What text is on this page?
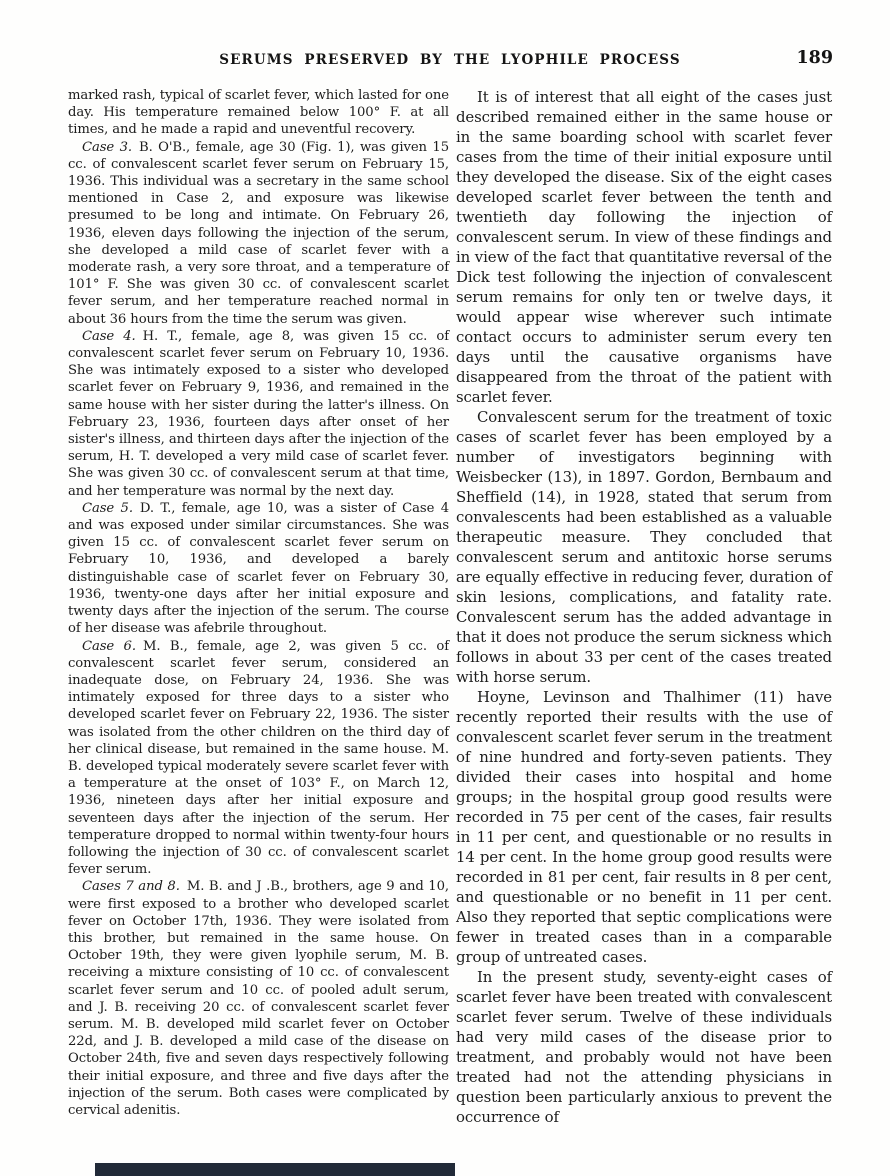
SERUMS PRESERVED BY THE LYOPHILE PROCESS	189

marked rash, typical of scarlet fever, which lasted for one day. His temperature remained below 100° F. at all times, and he made a rapid and uneventful recovery.

Case 3. B. O'B., female, age 30 (Fig. 1), was given 15 cc. of convalescent scarlet fever serum on February 15, 1936. This individual was a secretary in the same school mentioned in Case 2, and exposure was likewise presumed to be long and intimate. On February 26, 1936, eleven days following the injection of the serum, she developed a mild case of scarlet fever with a moderate rash, a very sore throat, and a temperature of 101° F. She was given 30 cc. of convalescent scarlet fever serum, and her temperature reached normal in about 36 hours from the time the serum was given.

Case 4. H. T., female, age 8, was given 15 cc. of convalescent scarlet fever serum on February 10, 1936. She was intimately exposed to a sister who developed scarlet fever on February 9, 1936, and remained in the same house with her sister during the latter's illness. On February 23, 1936, fourteen days after onset of her sister's illness, and thirteen days after the injection of the serum, H. T. developed a very mild case of scarlet fever. She was given 30 cc. of convalescent serum at that time, and her temperature was normal by the next day.

Case 5. D. T., female, age 10, was a sister of Case 4 and was exposed under similar circumstances. She was given 15 cc. of convalescent scarlet fever serum on February 10, 1936, and developed a barely distinguishable case of scarlet fever on February 30, 1936, twenty-one days after her initial exposure and twenty days after the injection of the serum. The course of her disease was afebrile throughout.

Case 6. M. B., female, age 2, was given 5 cc. of convalescent scarlet fever serum, considered an inadequate dose, on February 24, 1936. She was intimately exposed for three days to a sister who developed scarlet fever on February 22, 1936. The sister was isolated from the other children on the third day of her clinical disease, but remained in the same house. M. B. developed typical moderately severe scarlet fever with a temperature at the onset of 103° F., on March 12, 1936, nineteen days after her initial exposure and seventeen days after the injection of the serum. Her temperature dropped to normal within twenty-four hours following the injection of 30 cc. of convalescent scarlet fever serum.

Cases 7 and 8. M. B. and J .B., brothers, age 9 and 10, were first exposed to a brother who developed scarlet fever on October 17th, 1936. They were isolated from this brother, but remained in the same house. On October 19th, they were given lyophile serum, M. B. receiving a mixture consisting of 10 cc. of convalescent scarlet fever serum and 10 cc. of pooled adult serum, and J. B. receiving 20 cc. of convalescent scarlet fever serum. M. B. developed mild scarlet fever on October 22d, and J. B. developed a mild case of the disease on October 24th, five and seven days respectively following their initial exposure, and three and five days after the injection of the serum. Both cases were complicated by cervical adenitis.

It is of interest that all eight of the cases just described remained either in the same house or in the same boarding school with scarlet fever cases from the time of their initial exposure until they developed the disease. Six of the eight cases developed scarlet fever between the tenth and twentieth day following the injection of convalescent serum. In view of these findings and in view of the fact that quantitative reversal of the Dick test following the injection of convalescent serum remains for only ten or twelve days, it would appear wise wherever such intimate contact occurs to administer serum every ten days until the causative organisms have disappeared from the throat of the patient with scarlet fever.

Convalescent serum for the treatment of toxic cases of scarlet fever has been employed by a number of investigators beginning with Weisbecker (13), in 1897. Gordon, Bernbaum and Sheffield (14), in 1928, stated that serum from convalescents had been established as a valuable therapeutic measure. They concluded that convalescent serum and antitoxic horse serums are equally effective in reducing fever, duration of skin lesions, complications, and fatality rate. Convalescent serum has the added advantage in that it does not produce the serum sickness which follows in about 33 per cent of the cases treated with horse serum.

Hoyne, Levinson and Thalhimer (11) have recently reported their results with the use of convalescent scarlet fever serum in the treatment of nine hundred and forty-seven patients. They divided their cases into hospital and home groups; in the hospital group good results were recorded in 75 per cent of the cases, fair results in 11 per cent, and questionable or no results in 14 per cent. In the home group good results were recorded in 81 per cent, fair results in 8 per cent, and questionable or no benefit in 11 per cent. Also they reported that septic complications were fewer in treated cases than in a comparable group of untreated cases.

In the present study, seventy-eight cases of scarlet fever have been treated with convalescent scarlet fever serum. Twelve of these individuals had very mild cases of the disease prior to treatment, and probably would not have been treated had not the attending physicians in question been particularly anxious to prevent the occurrence of
